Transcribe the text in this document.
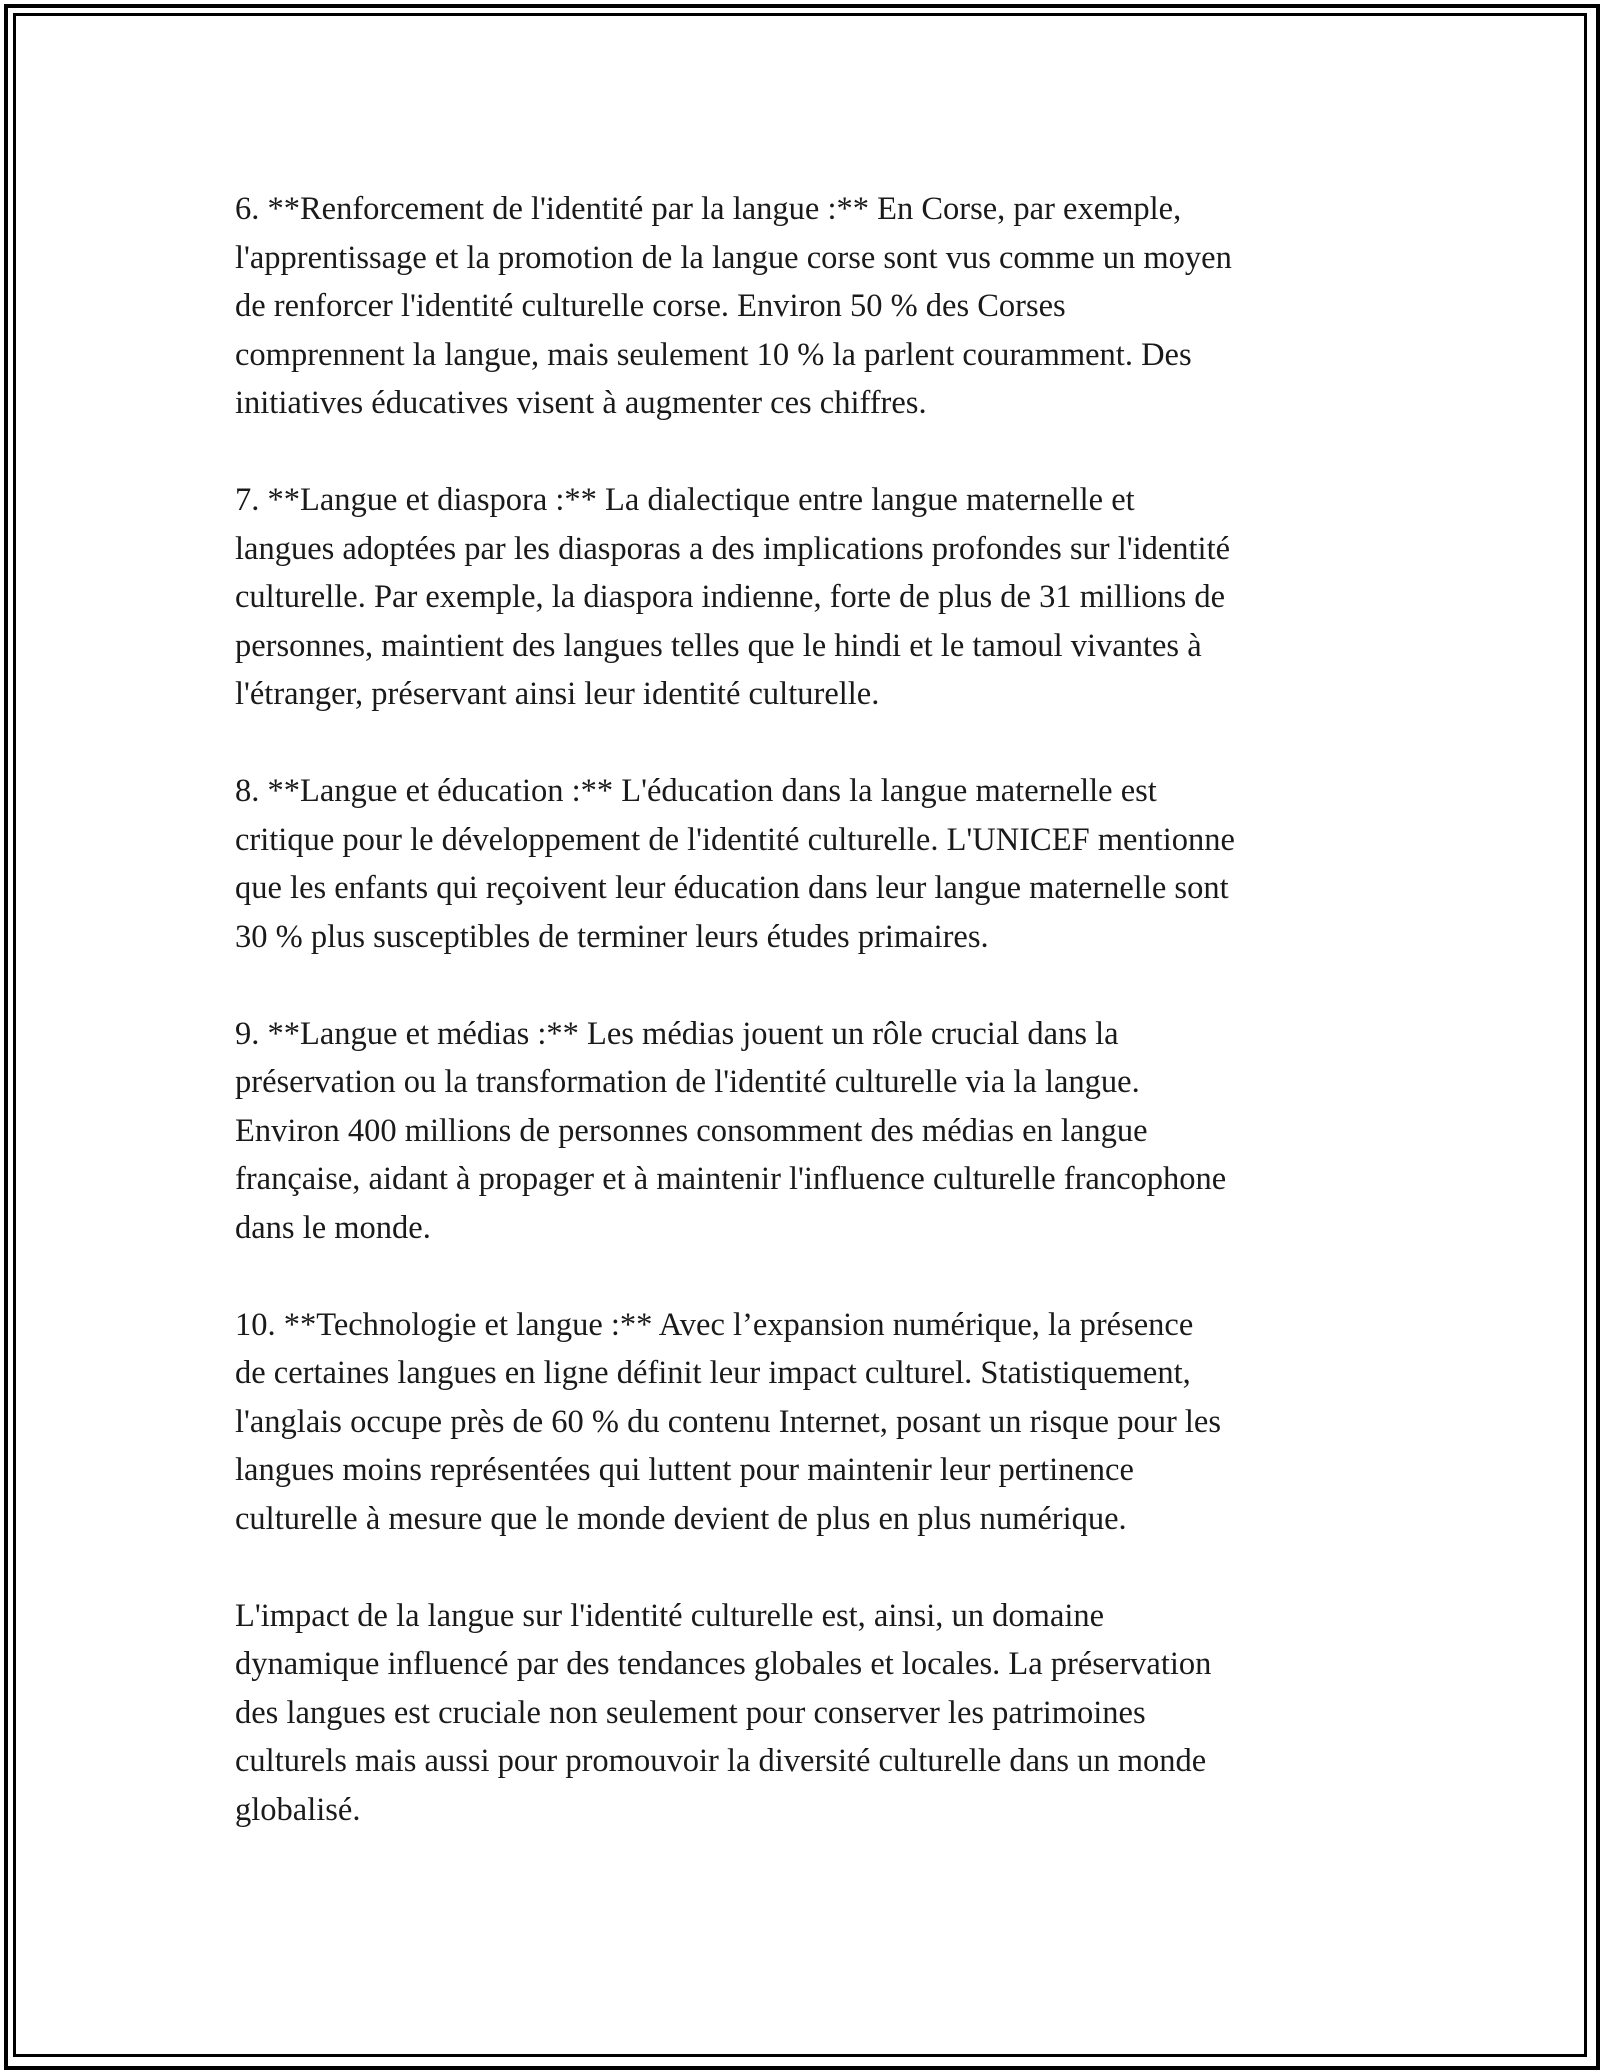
6. **Renforcement de l'identité par la langue :** En Corse, par exemple,
l'apprentissage et la promotion de la langue corse sont vus comme un moyen
de renforcer l'identité culturelle corse. Environ 50 % des Corses
comprennent la langue, mais seulement 10 % la parlent couramment. Des
initiatives éducatives visent à augmenter ces chiffres.

7. **Langue et diaspora :** La dialectique entre langue maternelle et
langues adoptées par les diasporas a des implications profondes sur l'identité
culturelle. Par exemple, la diaspora indienne, forte de plus de 31 millions de
personnes, maintient des langues telles que le hindi et le tamoul vivantes à
l'étranger, préservant ainsi leur identité culturelle.

8. **Langue et éducation :** L'éducation dans la langue maternelle est
critique pour le développement de l'identité culturelle. L'UNICEF mentionne
que les enfants qui reçoivent leur éducation dans leur langue maternelle sont
30 % plus susceptibles de terminer leurs études primaires.

9. **Langue et médias :** Les médias jouent un rôle crucial dans la
préservation ou la transformation de l'identité culturelle via la langue.
Environ 400 millions de personnes consomment des médias en langue
française, aidant à propager et à maintenir l'influence culturelle francophone
dans le monde.

10. **Technologie et langue :** Avec l’expansion numérique, la présence
de certaines langues en ligne définit leur impact culturel. Statistiquement,
l'anglais occupe près de 60 % du contenu Internet, posant un risque pour les
langues moins représentées qui luttent pour maintenir leur pertinence
culturelle à mesure que le monde devient de plus en plus numérique.

L'impact de la langue sur l'identité culturelle est, ainsi, un domaine
dynamique influencé par des tendances globales et locales. La préservation
des langues est cruciale non seulement pour conserver les patrimoines
culturels mais aussi pour promouvoir la diversité culturelle dans un monde
globalisé.
